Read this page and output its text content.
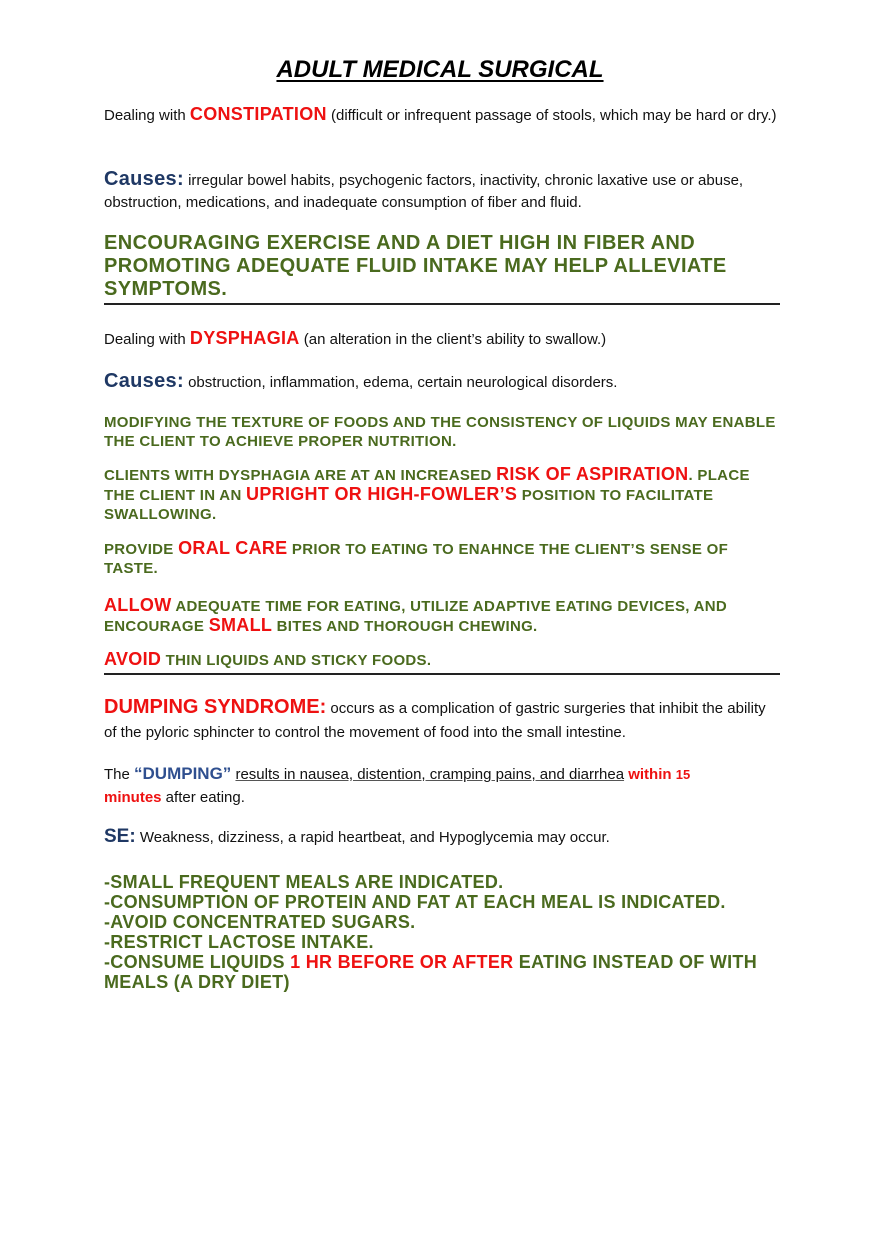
ADULT MEDICAL SURGICAL
Dealing with CONSTIPATION (difficult or infrequent passage of stools, which may be hard or dry.)
Causes: irregular bowel habits, psychogenic factors, inactivity, chronic laxative use or abuse, obstruction, medications, and inadequate consumption of fiber and fluid.
ENCOURAGING EXERCISE AND A DIET HIGH IN FIBER AND PROMOTING ADEQUATE FLUID INTAKE MAY HELP ALLEVIATE SYMPTOMS.
Dealing with DYSPHAGIA (an alteration in the client’s ability to swallow.)
Causes: obstruction, inflammation, edema, certain neurological disorders.
MODIFYING THE TEXTURE OF FOODS AND THE CONSISTENCY OF LIQUIDS MAY ENABLE THE CLIENT TO ACHIEVE PROPER NUTRITION.
CLIENTS WITH DYSPHAGIA ARE AT AN INCREASED RISK OF ASPIRATION. PLACE THE CLIENT IN AN UPRIGHT OR HIGH-FOWLER’S POSITION TO FACILITATE SWALLOWING.
PROVIDE ORAL CARE PRIOR TO EATING TO ENAHNCE THE CLIENT’S SENSE OF TASTE.
ALLOW ADEQUATE TIME FOR EATING, UTILIZE ADAPTIVE EATING DEVICES, AND ENCOURAGE SMALL BITES AND THOROUGH CHEWING.
AVOID THIN LIQUIDS AND STICKY FOODS.
DUMPING SYNDROME: occurs as a complication of gastric surgeries that inhibit the ability of the pyloric sphincter to control the movement of food into the small intestine.
The “DUMPING” results in nausea, distention, cramping pains, and diarrhea within 15
minutes after eating.
SE: Weakness, dizziness, a rapid heartbeat, and Hypoglycemia may occur.
-SMALL FREQUENT MEALS ARE INDICATED.
-CONSUMPTION OF PROTEIN AND FAT AT EACH MEAL IS INDICATED.
-AVOID CONCENTRATED SUGARS.
-RESTRICT LACTOSE INTAKE.
-CONSUME LIQUIDS 1 HR BEFORE OR AFTER EATING INSTEAD OF WITH MEALS (A DRY DIET)
